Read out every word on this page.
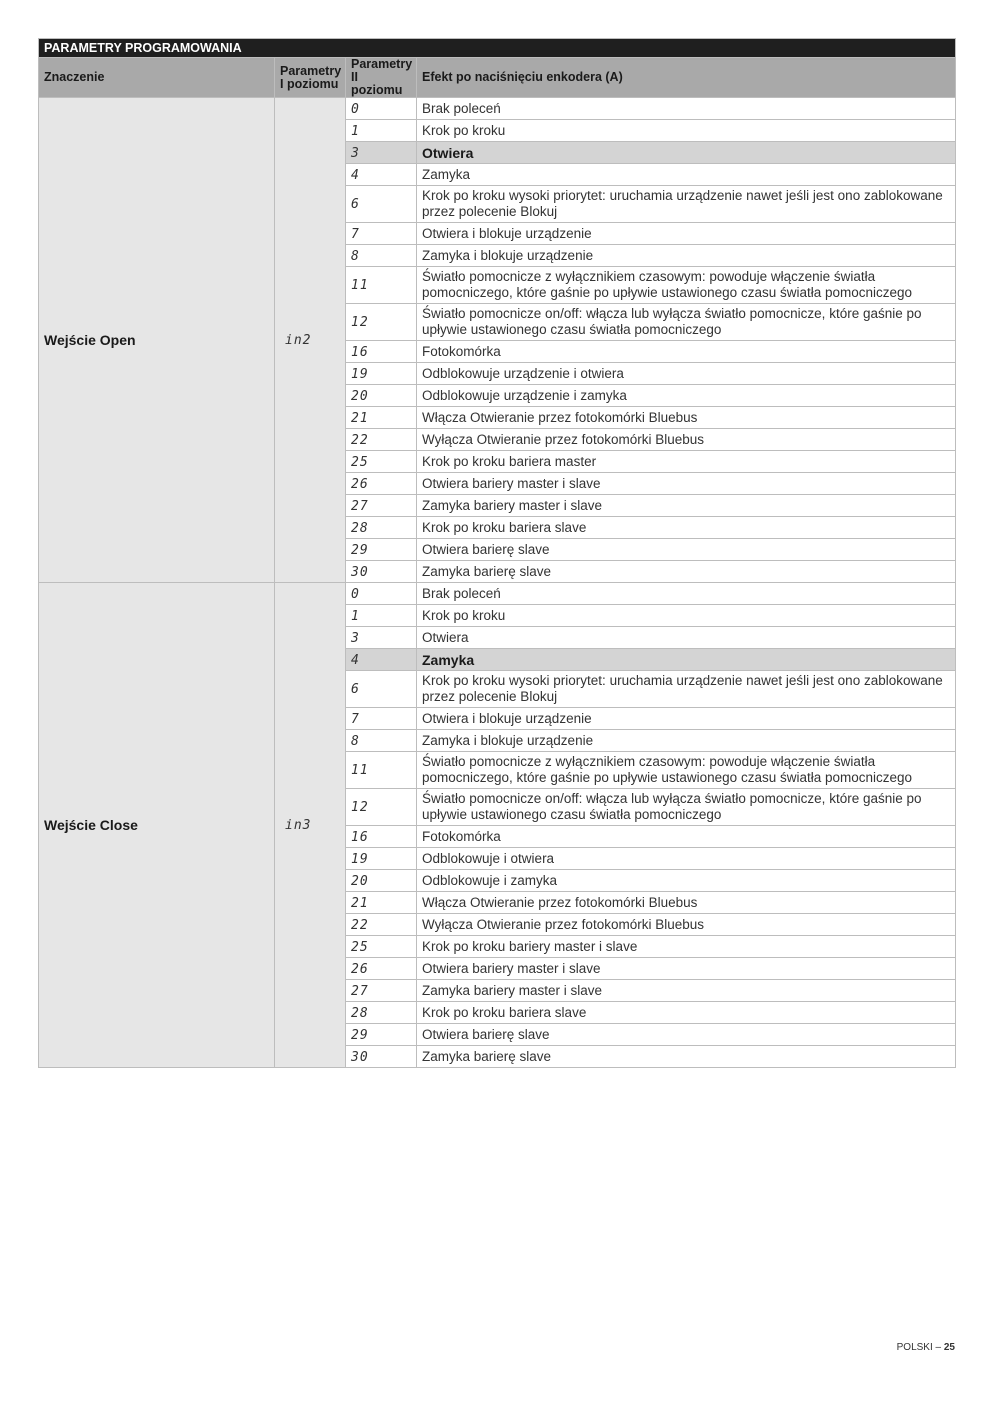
PARAMETRY PROGRAMOWANIA			
Znaczenie	Parametry I poziomu	Parametry II poziomu	Efekt po naciśnięciu enkodera (A)
Wejście Open	in2	0	Brak poleceń
		1	Krok po kroku
		3	Otwiera
		4	Zamyka
		6	Krok po kroku wysoki priorytet: uruchamia urządzenie nawet jeśli jest ono zablokowane przez polecenie Blokuj
		7	Otwiera i blokuje urządzenie
		8	Zamyka i blokuje urządzenie
		11	Światło pomocnicze z wyłącznikiem czasowym: powoduje włączenie światła pomocniczego, które gaśnie po upływie ustawionego czasu światła pomocniczego
		12	Światło pomocnicze on/off: włącza lub wyłącza światło pomocnicze, które gaśnie po upływie ustawionego czasu światła pomocniczego
		16	Fotokomórka
		19	Odblokowuje urządzenie i otwiera
		20	Odblokowuje urządzenie i zamyka
		21	Włącza Otwieranie przez fotokomórki Bluebus
		22	Wyłącza Otwieranie przez fotokomórki Bluebus
		25	Krok po kroku bariera master
		26	Otwiera bariery master i slave
		27	Zamyka bariery master i slave
		28	Krok po kroku bariera slave
		29	Otwiera barierę slave
		30	Zamyka barierę slave
Wejście Close	in3	0	Brak poleceń
		1	Krok po kroku
		3	Otwiera
		4	Zamyka
		6	Krok po kroku wysoki priorytet: uruchamia urządzenie nawet jeśli jest ono zablokowane przez polecenie Blokuj
		7	Otwiera i blokuje urządzenie
		8	Zamyka i blokuje urządzenie
		11	Światło pomocnicze z wyłącznikiem czasowym: powoduje włączenie światła pomocniczego, które gaśnie po upływie ustawionego czasu światła pomocniczego
		12	Światło pomocnicze on/off: włącza lub wyłącza światło pomocnicze, które gaśnie po upływie ustawionego czasu światła pomocniczego
		16	Fotokomórka
		19	Odblokowuje i otwiera
		20	Odblokowuje i zamyka
		21	Włącza Otwieranie przez fotokomórki Bluebus
		22	Wyłącza Otwieranie przez fotokomórki Bluebus
		25	Krok po kroku bariery master i slave
		26	Otwiera bariery master i slave
		27	Zamyka bariery master i slave
		28	Krok po kroku bariera slave
		29	Otwiera barierę slave
		30	Zamyka barierę slave
POLSKI – 25
